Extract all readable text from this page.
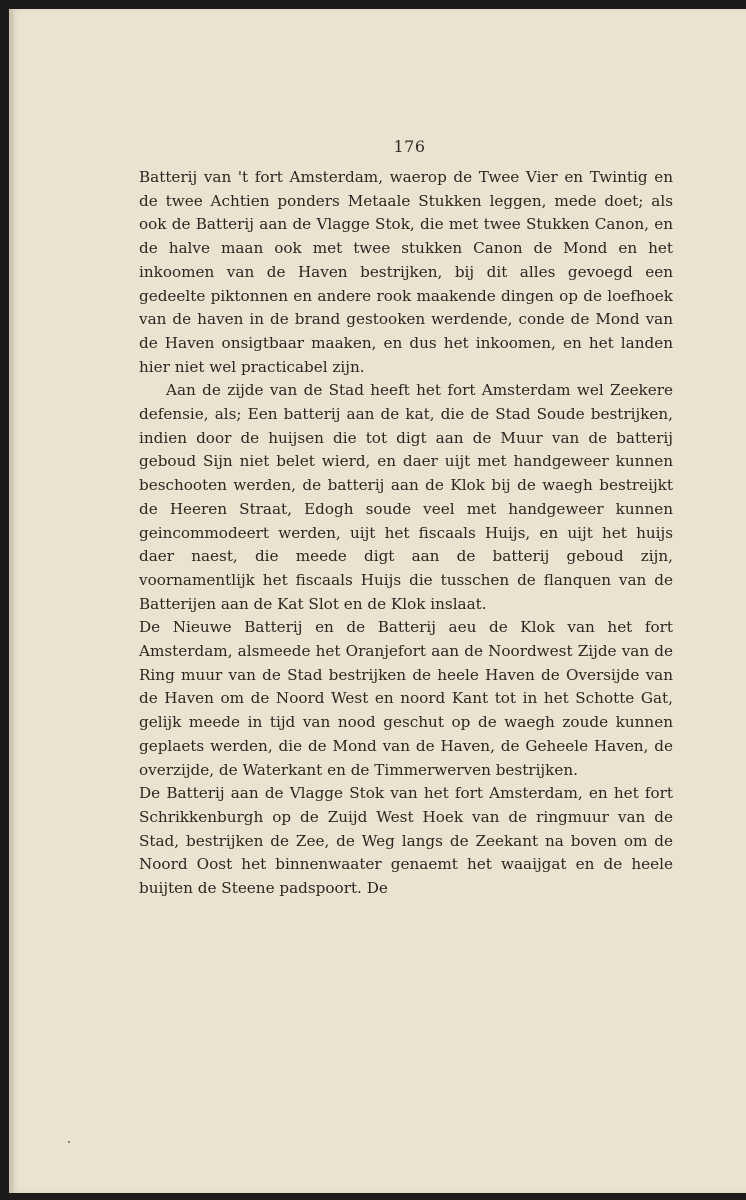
176

Batterij van 't fort Amsterdam, waerop de Twee Vier en Twintig en de twee Achtien ponders Metaale Stukken leggen, mede doet; als ook de Batterij aan de Vlagge Stok, die met twee Stukken Canon, en de halve maan ook met twee stukken Canon de Mond en het inkoomen van de Haven bestrijken, bij dit alles gevoegd een gedeelte piktonnen en andere rook maakende dingen op de loefhoek van de haven in de brand gestooken werdende, conde de Mond van de Haven onsigtbaar maaken, en dus het inkoomen, en het landen hier niet wel practicabel zijn.

Aan de zijde van de Stad heeft het fort Amsterdam wel Zeekere defensie, als; Een batterij aan de kat, die de Stad Soude bestrijken, indien door de huijsen die tot digt aan de Muur van de batterij geboud Sijn niet belet wierd, en daer uijt met handgeweer kunnen beschooten werden, de batterij aan de Klok bij de waegh bestreijkt de Heeren Straat, Edogh soude veel met handgeweer kunnen geincommodeert werden, uijt het fiscaals Huijs, en uijt het huijs daer naest, die meede digt aan de batterij geboud zijn, voornamentlijk het fiscaals Huijs die tusschen de flanquen van de Batterijen aan de Kat Slot en de Klok inslaat.

De Nieuwe Batterij en de Batterij aeu de Klok van het fort Amsterdam, alsmeede het Oranjefort aan de Noordwest Zijde van de Ring muur van de Stad bestrijken de heele Haven de Oversijde van de Haven om de Noord West en noord Kant tot in het Schotte Gat, gelijk meede in tijd van nood geschut op de waegh zoude kunnen geplaets werden, die de Mond van de Haven, de Geheele Haven, de overzijde, de Waterkant en de Timmerwerven bestrijken.

De Batterij aan de Vlagge Stok van het fort Amsterdam, en het fort Schrikkenburgh op de Zuijd West Hoek van de ringmuur van de Stad, bestrijken de Zee, de Weg langs de Zeekant na boven om de Noord Oost het binnenwaater genaemt het waaijgat en de heele buijten de Steene padspoort. De
